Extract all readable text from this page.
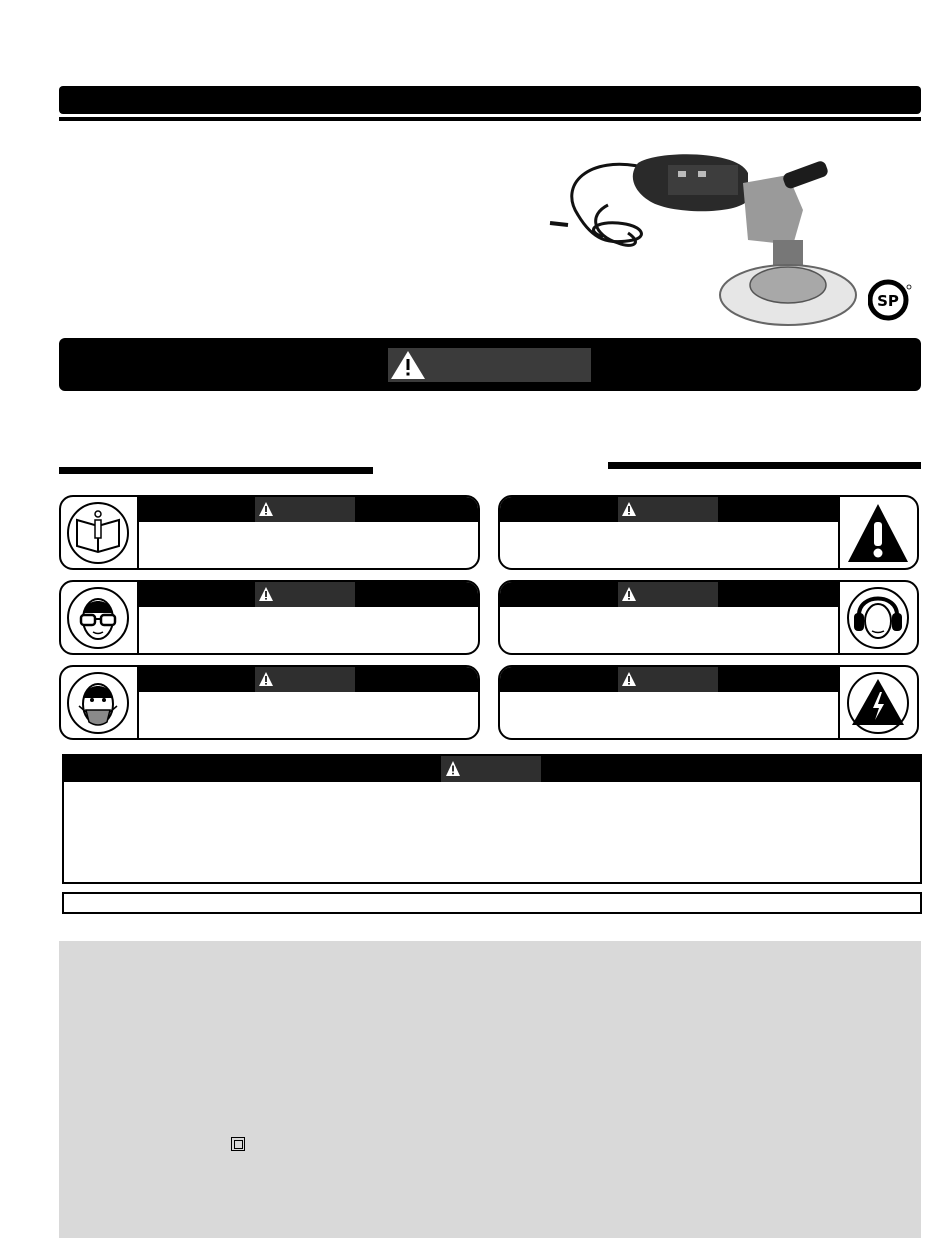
SP
